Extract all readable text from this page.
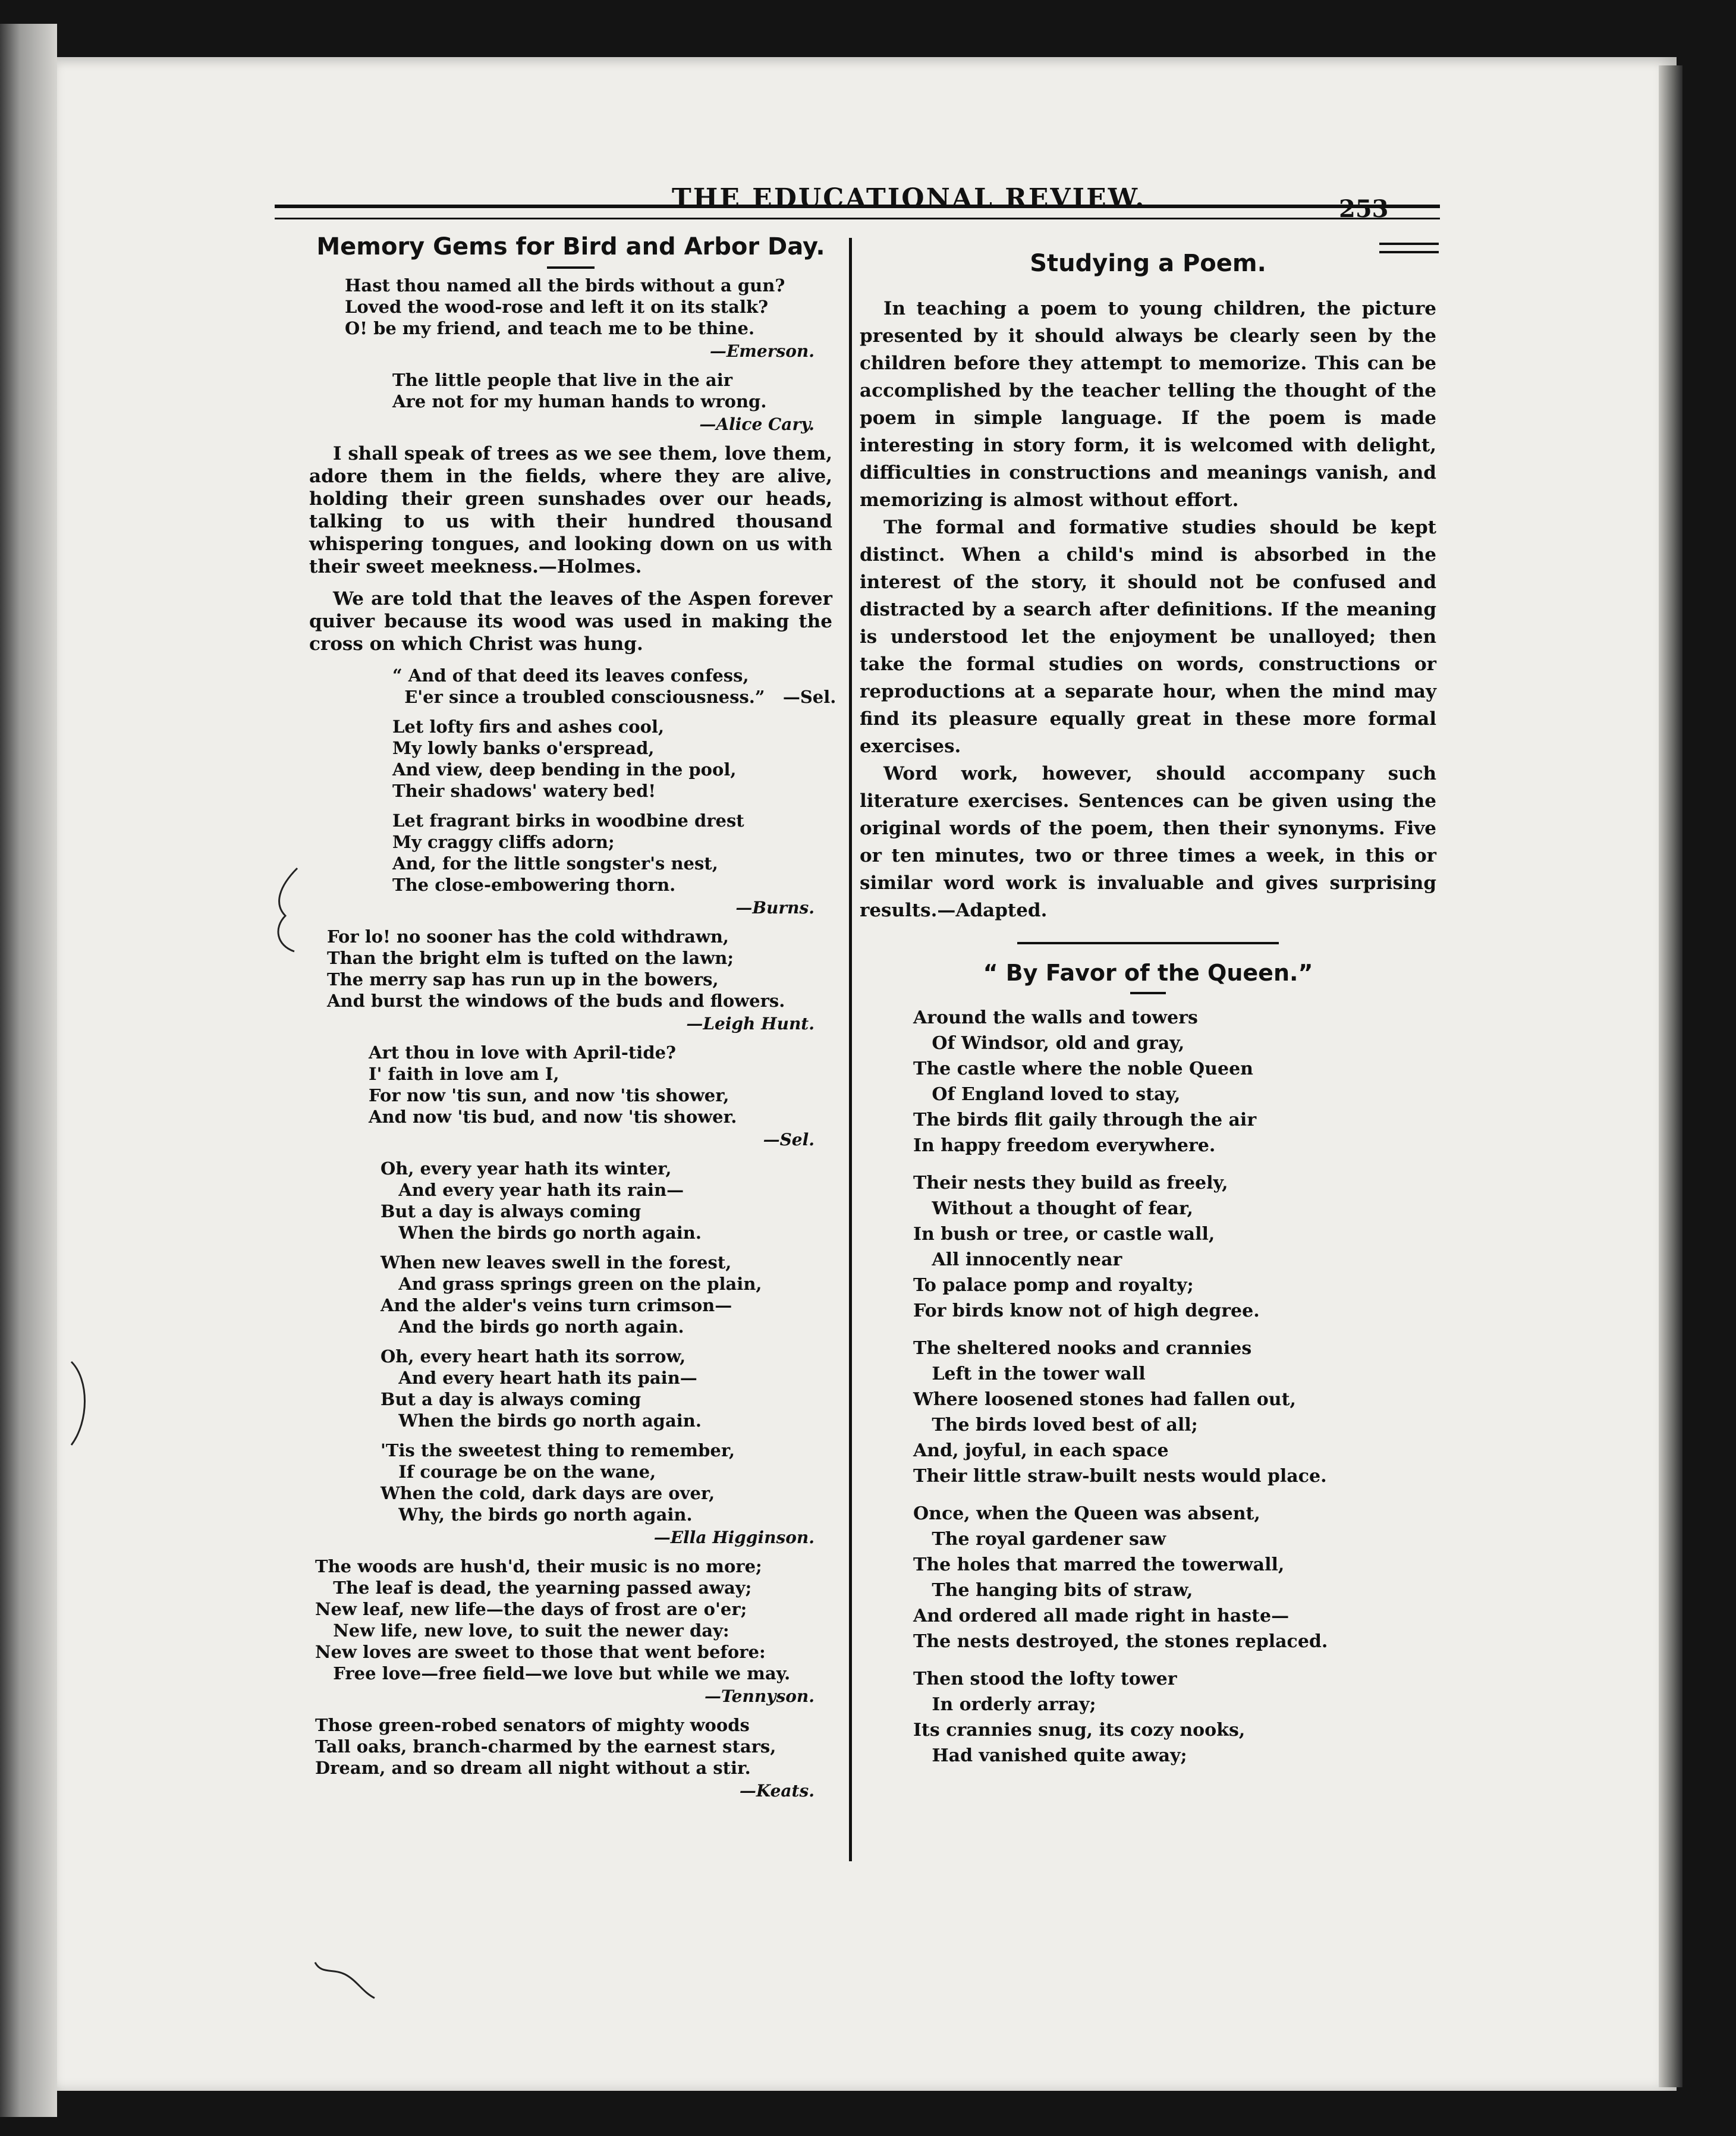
THE EDUCATIONAL REVIEW.	253
Memory Gems for Bird and Arbor Day.
Hast thou named all the birds without a gun?
Loved the wood-rose and left it on its stalk?
O! be my friend, and teach me to be thine.
—Emerson.
The little people that live in the air
Are not for my human hands to wrong.
—Alice Cary.

I shall speak of trees as we see them, love them, adore them in the fields, where they are alive, holding their green sunshades over our heads, talking to us with their hundred thousand whispering tongues, and looking down on us with their sweet meekness.—Holmes.

We are told that the leaves of the Aspen forever quiver because its wood was used in making the cross on which Christ was hung.

“ And of that deed its leaves confess,
E'er since a troubled consciousness.”   —Sel.
Let lofty firs and ashes cool,
My lowly banks o'erspread,
And view, deep bending in the pool,
Their shadows' watery bed!
Let fragrant birks in woodbine drest
My craggy cliffs adorn;
And, for the little songster's nest,
The close-embowering thorn.
—Burns.
For lo! no sooner has the cold withdrawn,
Than the bright elm is tufted on the lawn;
The merry sap has run up in the bowers,
And burst the windows of the buds and flowers.
—Leigh Hunt.
Art thou in love with April-tide?
I' faith in love am I,
For now 'tis sun, and now 'tis shower,
And now 'tis bud, and now 'tis shower.
—Sel.
Oh, every year hath its winter,
And every year hath its rain—
But a day is always coming
When the birds go north again.
When new leaves swell in the forest,
And grass springs green on the plain,
And the alder's veins turn crimson—
And the birds go north again.
Oh, every heart hath its sorrow,
And every heart hath its pain—
But a day is always coming
When the birds go north again.
'Tis the sweetest thing to remember,
If courage be on the wane,
When the cold, dark days are over,
Why, the birds go north again.
—Ella Higginson.
The woods are hush'd, their music is no more;
The leaf is dead, the yearning passed away;
New leaf, new life—the days of frost are o'er;
New life, new love, to suit the newer day:
New loves are sweet to those that went before:
Free love—free field—we love but while we may.
—Tennyson.
Those green-robed senators of mighty woods
Tall oaks, branch-charmed by the earnest stars,
Dream, and so dream all night without a stir.
—Keats.
Studying a Poem.

In teaching a poem to young children, the picture presented by it should always be clearly seen by the children before they attempt to memorize. This can be accomplished by the teacher telling the thought of the poem in simple language. If the poem is made interesting in story form, it is welcomed with delight, difficulties in constructions and meanings vanish, and memorizing is almost without effort.

The formal and formative studies should be kept distinct. When a child's mind is absorbed in the interest of the story, it should not be confused and distracted by a search after definitions. If the meaning is understood let the enjoyment be unalloyed; then take the formal studies on words, constructions or reproductions at a separate hour, when the mind may find its pleasure equally great in these more formal exercises.

Word work, however, should accompany such literature exercises. Sentences can be given using the original words of the poem, then their synonyms. Five or ten minutes, two or three times a week, in this or similar word work is invaluable and gives surprising results.—Adapted.

“ By Favor of the Queen.”
Around the walls and towers
Of Windsor, old and gray,
The castle where the noble Queen
Of England loved to stay,
The birds flit gaily through the air
In happy freedom everywhere.
Their nests they build as freely,
Without a thought of fear,
In bush or tree, or castle wall,
All innocently near
To palace pomp and royalty;
For birds know not of high degree.
The sheltered nooks and crannies
Left in the tower wall
Where loosened stones had fallen out,
The birds loved best of all;
And, joyful, in each space
Their little straw-built nests would place.
Once, when the Queen was absent,
The royal gardener saw
The holes that marred the towerwall,
The hanging bits of straw,
And ordered all made right in haste—
The nests destroyed, the stones replaced.
Then stood the lofty tower
In orderly array;
Its crannies snug, its cozy nooks,
Had vanished quite away;
